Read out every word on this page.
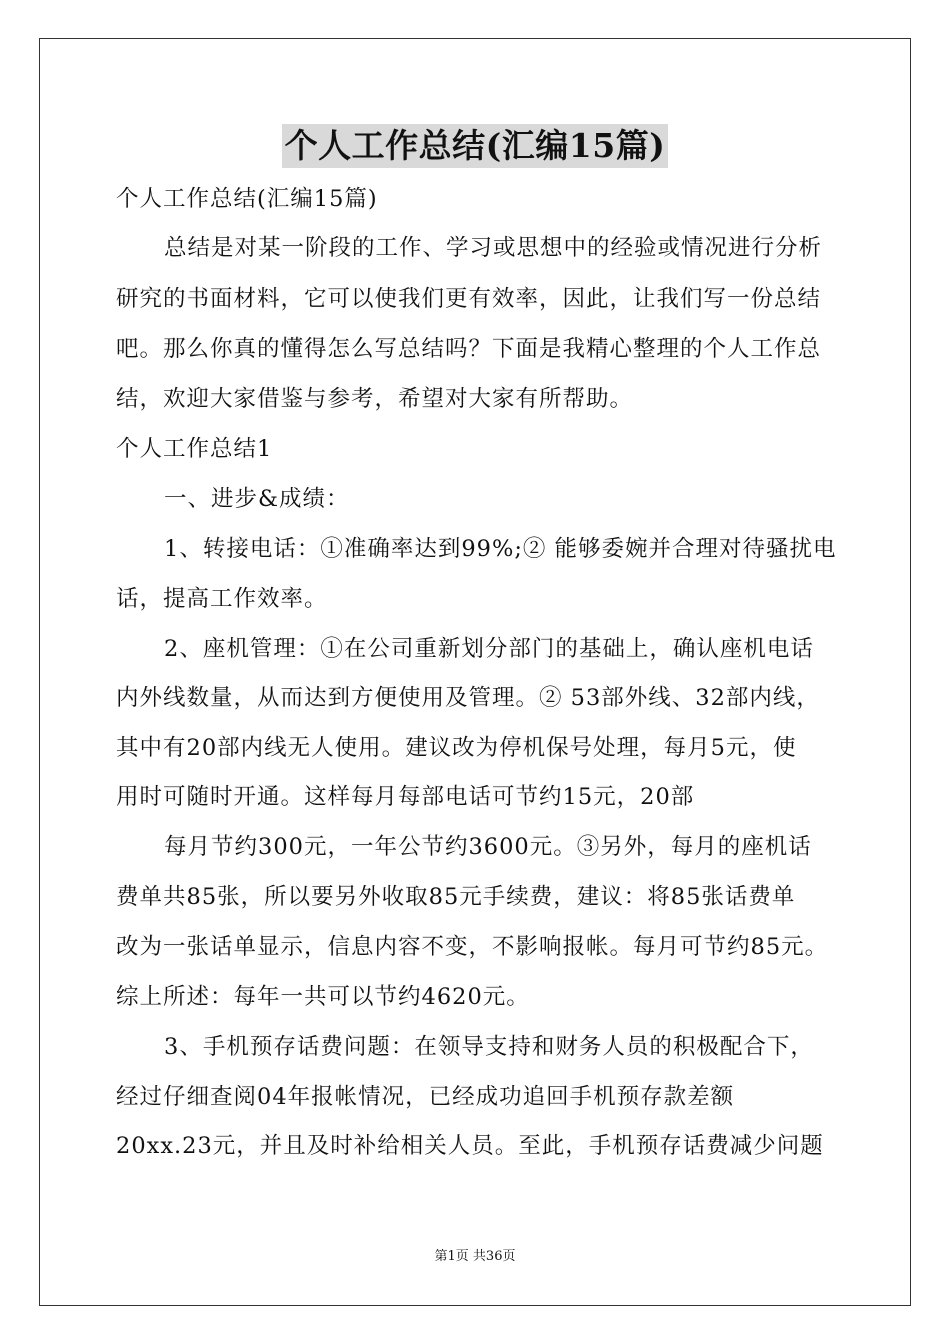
个人工作总结(汇编15篇)
个人工作总结(汇编15篇)
总结是对某一阶段的工作、学习或思想中的经验或情况进行分析
研究的书面材料，它可以使我们更有效率，因此，让我们写一份总结
吧。那么你真的懂得怎么写总结吗？下面是我精心整理的个人工作总
结，欢迎大家借鉴与参考，希望对大家有所帮助。
个人工作总结1
一、进步&成绩：
1、转接电话：①准确率达到99%;② 能够委婉并合理对待骚扰电
话，提高工作效率。
2、座机管理：①在公司重新划分部门的基础上，确认座机电话
内外线数量，从而达到方便使用及管理。② 53部外线、32部内线，
其中有20部内线无人使用。建议改为停机保号处理，每月5元，使
用时可随时开通。这样每月每部电话可节约15元，20部
每月节约300元，一年公节约3600元。③另外，每月的座机话
费单共85张，所以要另外收取85元手续费，建议：将85张话费单
改为一张话单显示，信息内容不变，不影响报帐。每月可节约85元。
综上所述：每年一共可以节约4620元。
3、手机预存话费问题：在领导支持和财务人员的积极配合下，
经过仔细查阅04年报帐情况，已经成功追回手机预存款差额
20xx.23元，并且及时补给相关人员。至此，手机预存话费减少问题
第1页 共36页
